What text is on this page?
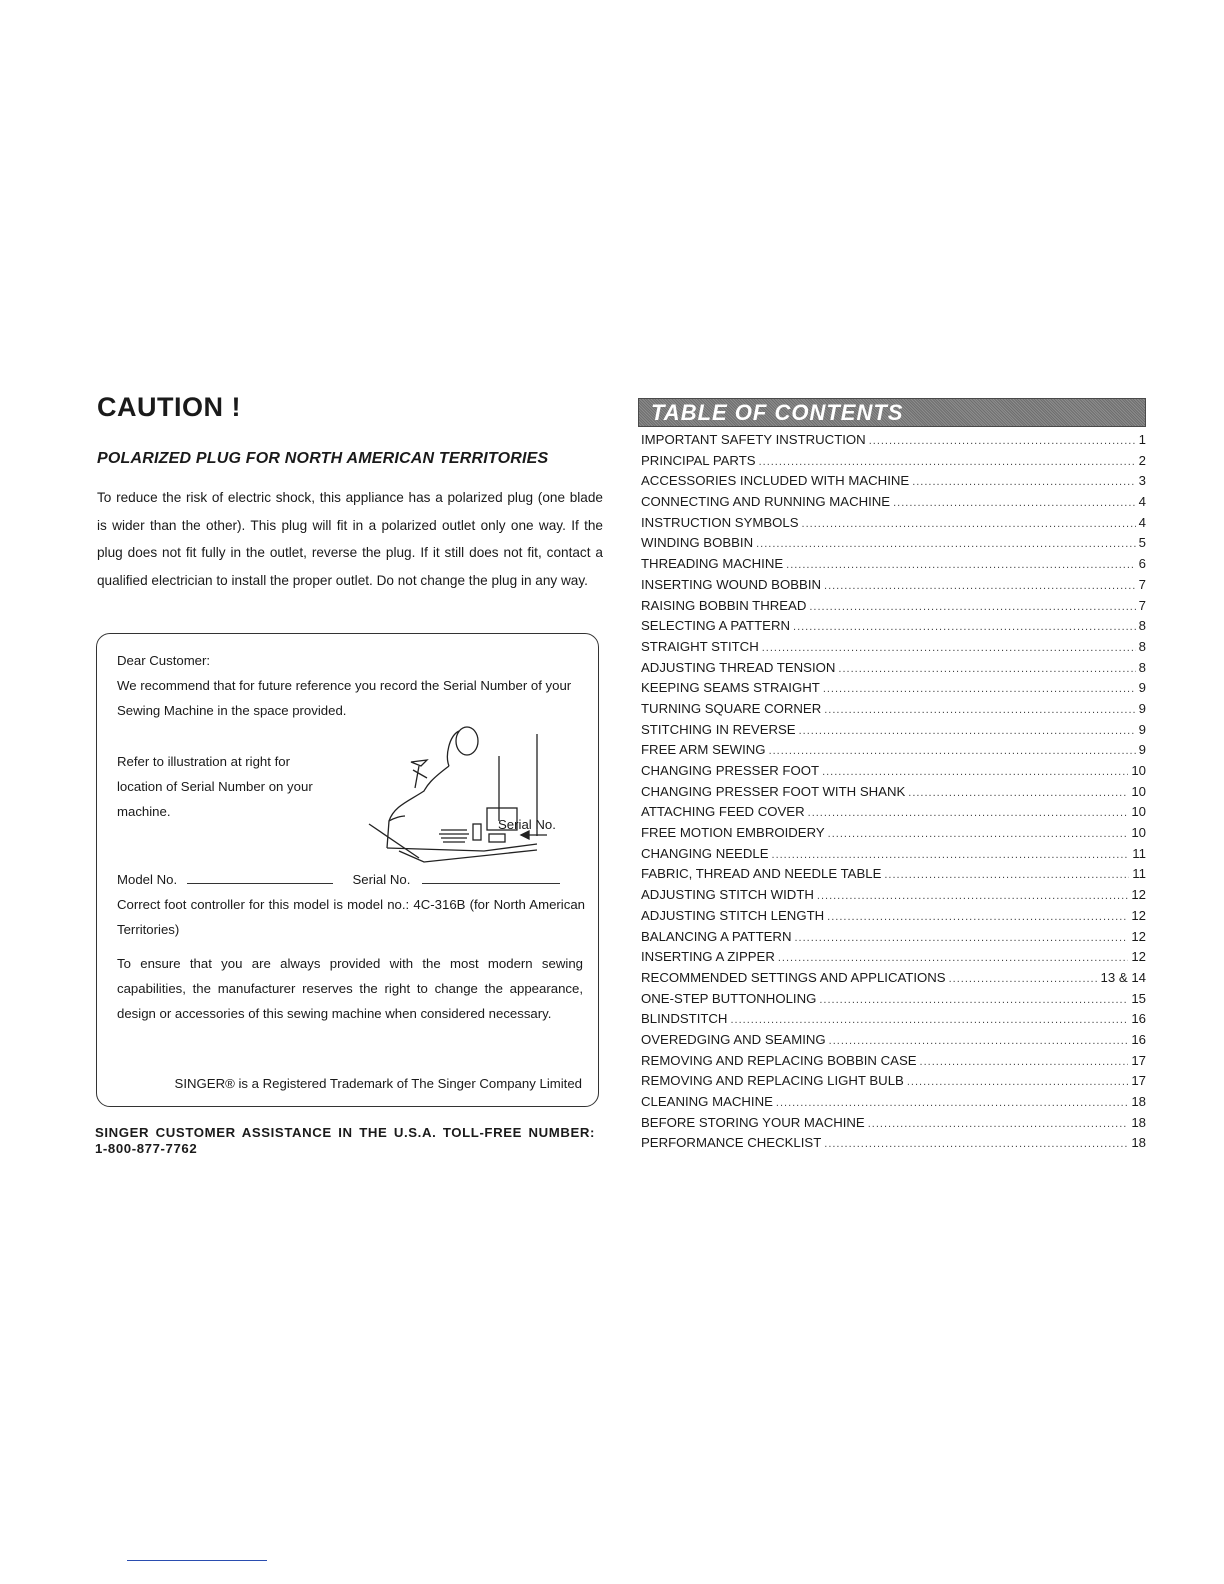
CAUTION !
POLARIZED PLUG FOR NORTH AMERICAN TERRITORIES

To reduce the risk of electric shock, this appliance has a polarized plug (one blade is wider than the other). This plug will fit in a polarized outlet only one way. If the plug does not fit fully in the outlet, reverse the plug. If it still does not fit, contact a qualified electrician to install the proper outlet. Do not change the plug in any way.

Dear Customer:

We recommend that for future reference you record the Serial Number of your Sewing Machine in the space provided.

Refer to illustration at right for location of Serial Number on your machine.

Serial No.

Model No.	Serial No.

Correct foot controller for this model is model no.: 4C-316B (for North American Territories)

To ensure that you are always provided with the most modern sewing capabilities, the manufacturer reserves the right to change the appearance, design or accessories of this sewing machine when considered necessary.

SINGER® is a Registered Trademark of The Singer Company Limited

SINGER CUSTOMER ASSISTANCE IN THE U.S.A. TOLL-FREE NUMBER: 1-800-877-7762

TABLE OF CONTENTS
IMPORTANT SAFETY INSTRUCTION .....	1
PRINCIPAL PARTS .....	2
ACCESSORIES INCLUDED WITH MACHINE .....	3
CONNECTING AND RUNNING MACHINE .....	4
INSTRUCTION SYMBOLS .....	4
WINDING BOBBIN .....	5
THREADING MACHINE .....	6
INSERTING WOUND BOBBIN .....	7
RAISING BOBBIN THREAD .....	7
SELECTING A PATTERN .....	8
STRAIGHT STITCH .....	8
ADJUSTING THREAD TENSION .....	8
KEEPING SEAMS STRAIGHT .....	9
TURNING SQUARE CORNER .....	9
STITCHING IN REVERSE .....	9
FREE ARM SEWING .....	9
CHANGING PRESSER FOOT .....	10
CHANGING PRESSER FOOT WITH SHANK .....	10
ATTACHING FEED COVER .....	10
FREE MOTION EMBROIDERY .....	10
CHANGING NEEDLE .....	11
FABRIC, THREAD AND NEEDLE TABLE .....	11
ADJUSTING STITCH WIDTH .....	12
ADJUSTING STITCH LENGTH .....	12
BALANCING A PATTERN .....	12
INSERTING A ZIPPER .....	12
RECOMMENDED SETTINGS AND APPLICATIONS .....	13 & 14
ONE-STEP BUTTONHOLING .....	15
BLINDSTITCH .....	16
OVEREDGING AND SEAMING .....	16
REMOVING AND REPLACING BOBBIN CASE .....	17
REMOVING AND REPLACING LIGHT BULB .....	17
CLEANING MACHINE .....	18
BEFORE STORING YOUR MACHINE .....	18
PERFORMANCE CHECKLIST .....	18
